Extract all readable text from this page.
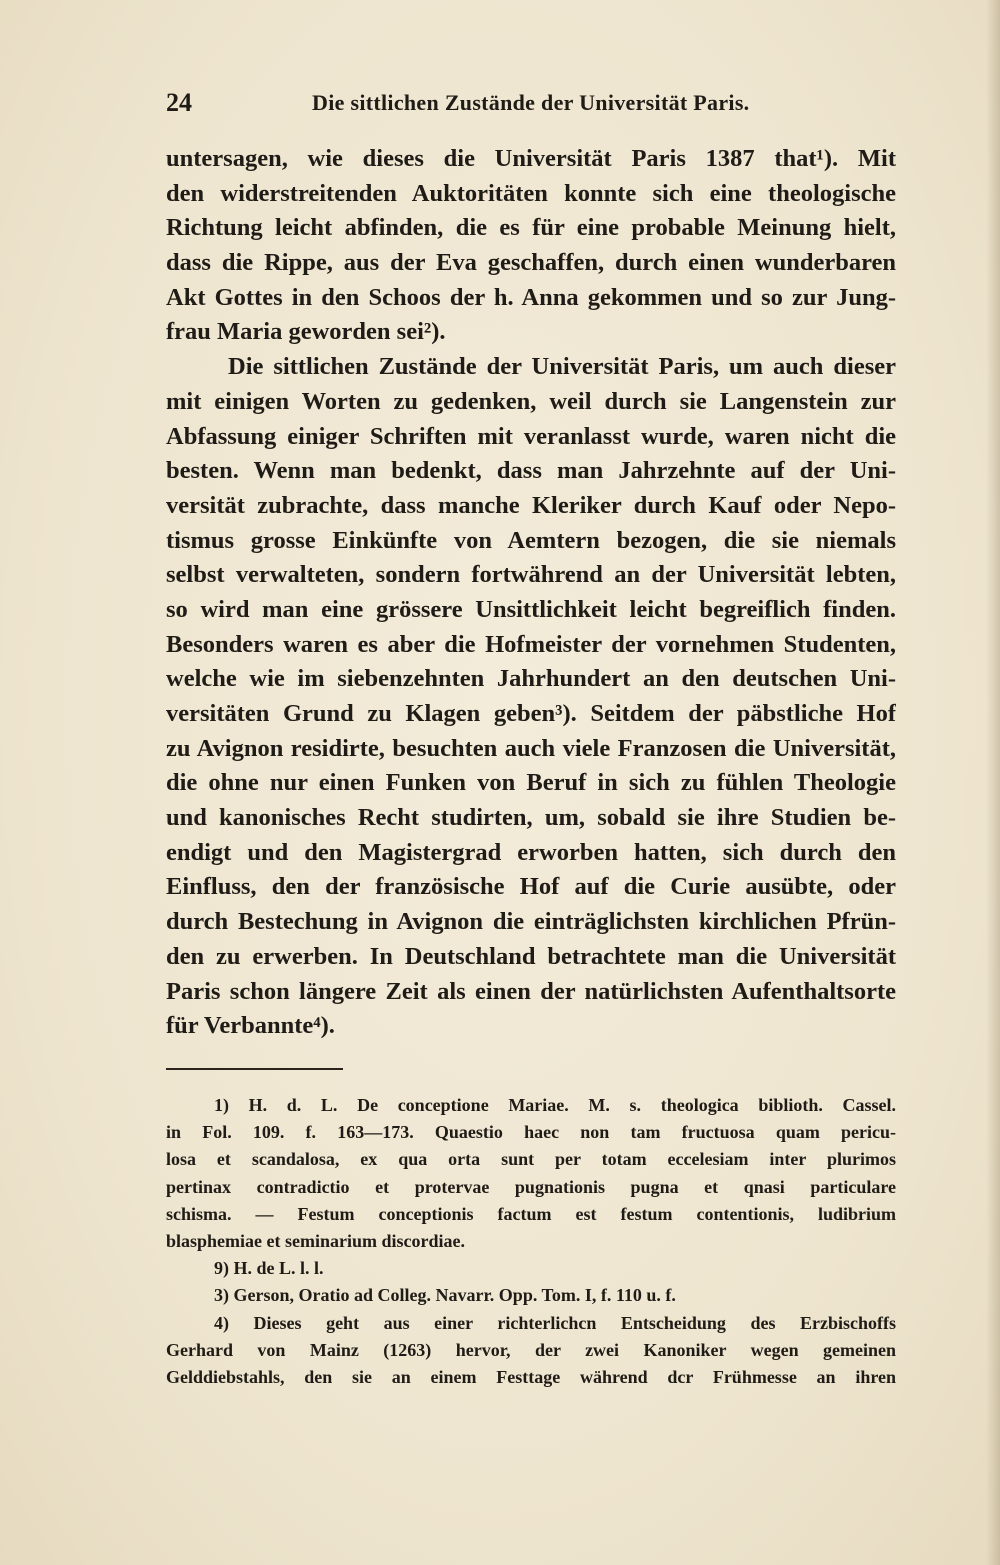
24	Die sittlichen Zustände der Universität Paris.
untersagen, wie dieses die Universität Paris 1387 that¹). Mit
den widerstreitenden Auktoritäten konnte sich eine theologische
Richtung leicht abfinden, die es für eine probable Meinung hielt,
dass die Rippe, aus der Eva geschaffen, durch einen wunderbaren
Akt Gottes in den Schoos der h. Anna gekommen und so zur Jung-
frau Maria geworden sei²).
Die sittlichen Zustände der Universität Paris, um auch dieser
mit einigen Worten zu gedenken, weil durch sie Langenstein zur
Abfassung einiger Schriften mit veranlasst wurde, waren nicht die
besten. Wenn man bedenkt, dass man Jahrzehnte auf der Uni-
versität zubrachte, dass manche Kleriker durch Kauf oder Nepo-
tismus grosse Einkünfte von Aemtern bezogen, die sie niemals
selbst verwalteten, sondern fortwährend an der Universität lebten,
so wird man eine grössere Unsittlichkeit leicht begreiflich finden.
Besonders waren es aber die Hofmeister der vornehmen Studenten,
welche wie im siebenzehnten Jahrhundert an den deutschen Uni-
versitäten Grund zu Klagen geben³). Seitdem der päbstliche Hof
zu Avignon residirte, besuchten auch viele Franzosen die Universität,
die ohne nur einen Funken von Beruf in sich zu fühlen Theologie
und kanonisches Recht studirten, um, sobald sie ihre Studien be-
endigt und den Magistergrad erworben hatten, sich durch den
Einfluss, den der französische Hof auf die Curie ausübte, oder
durch Bestechung in Avignon die einträglichsten kirchlichen Pfrün-
den zu erwerben. In Deutschland betrachtete man die Universität
Paris schon längere Zeit als einen der natürlichsten Aufenthaltsorte
für Verbannte⁴).
1) H. d. L. De conceptione Mariae. M. s. theologica biblioth. Cassel.
in Fol. 109. f. 163—173. Quaestio haec non tam fructuosa quam pericu-
losa et scandalosa, ex qua orta sunt per totam eccelesiam inter plurimos
pertinax contradictio et protervae pugnationis pugna et qnasi particulare
schisma. — Festum conceptionis factum est festum contentionis, ludibrium
blasphemiae et seminarium discordiae.
9) H. de L. l. l.
3) Gerson, Oratio ad Colleg. Navarr. Opp. Tom. I, f. 110 u. f.
4) Dieses geht aus einer richterlichcn Entscheidung des Erzbischoffs
Gerhard von Mainz (1263) hervor, der zwei Kanoniker wegen gemeinen
Gelddiebstahls, den sie an einem Festtage während dcr Frühmesse an ihren
